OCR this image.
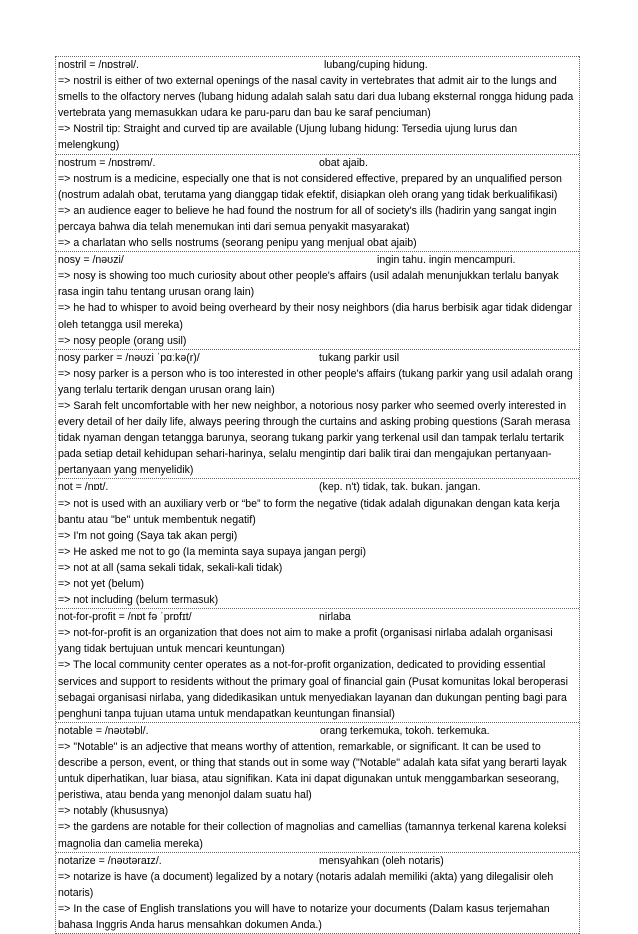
nostril = /nɒstrəl/.	lubang/cuping hidung.
=> nostril is either of two external openings of the nasal cavity in vertebrates that admit air to the lungs and smells to the olfactory nerves (lubang hidung adalah salah satu dari dua lubang eksternal rongga hidung pada vertebrata yang memasukkan udara ke paru-paru dan bau ke saraf penciuman)
=> Nostril tip: Straight and curved tip are available (Ujung lubang hidung: Tersedia ujung lurus dan melengkung)
nostrum = /nɒstrəm/.	obat ajaib.
=> nostrum is a medicine, especially one that is not considered effective, prepared by an unqualified person (nostrum adalah obat, terutama yang dianggap tidak efektif, disiapkan oleh orang yang tidak berkualifikasi)
=> an audience eager to believe he had found the nostrum for all of society's ills (hadirin yang sangat ingin percaya bahwa dia telah menemukan inti dari semua penyakit masyarakat)
=> a charlatan who sells nostrums (seorang penipu yang menjual obat ajaib)
nosy = /nəʊzi/	ingin tahu. ingin mencampuri.
=> nosy is showing too much curiosity about other people's affairs (usil adalah menunjukkan terlalu banyak rasa ingin tahu tentang urusan orang lain)
=> he had to whisper to avoid being overheard by their nosy neighbors (dia harus berbisik agar tidak didengar oleh tetangga usil mereka)
=> nosy people (orang usil)
nosy parker = /nəʊzi ˈpɑːkə(r)/	tukang parkir usil
=> nosy parker is a person who is too interested in other people's affairs (tukang parkir yang usil adalah orang yang terlalu tertarik dengan urusan orang lain)
=> Sarah felt uncomfortable with her new neighbor, a notorious nosy parker who seemed overly interested in every detail of her daily life, always peering through the curtains and asking probing questions (Sarah merasa tidak nyaman dengan tetangga barunya, seorang tukang parkir yang terkenal usil dan tampak terlalu tertarik pada setiap detail kehidupan sehari-harinya, selalu mengintip dari balik tirai dan mengajukan pertanyaan-pertanyaan yang menyelidik)
not = /nɒt/.	(kep. n't) tidak, tak. bukan. jangan.
=> not is used with an auxiliary verb or “be” to form the negative (tidak adalah digunakan dengan kata kerja bantu atau "be" untuk membentuk negatif)
=> I'm not going (Saya tak akan pergi)
=> He asked me not to go (Ia meminta saya supaya jangan pergi)
=> not at all (sama sekali tidak, sekali-kali tidak)
=> not yet (belum)
=> not including (belum termasuk)
not-for-profit = /nɒt fə ˈprɒfɪt/	nirlaba
=> not-for-profit is an organization that does not aim to make a profit (organisasi nirlaba adalah organisasi yang tidak bertujuan untuk mencari keuntungan)
=> The local community center operates as a not-for-profit organization, dedicated to providing essential services and support to residents without the primary goal of financial gain (Pusat komunitas lokal beroperasi sebagai organisasi nirlaba, yang didedikasikan untuk menyediakan layanan dan dukungan penting bagi para penghuni tanpa tujuan utama untuk mendapatkan keuntungan finansial)
notable = /nəʊtəbl/.	orang terkemuka, tokoh. terkemuka.
=> "Notable" is an adjective that means worthy of attention, remarkable, or significant. It can be used to describe a person, event, or thing that stands out in some way ("Notable" adalah kata sifat yang berarti layak untuk diperhatikan, luar biasa, atau signifikan. Kata ini dapat digunakan untuk menggambarkan seseorang, peristiwa, atau benda yang menonjol dalam suatu hal)
=> notably (khususnya)
=> the gardens are notable for their collection of magnolias and camellias (tamannya terkenal karena koleksi magnolia dan camelia mereka)
notarize = /nəʊtəraɪz/.	mensyahkan (oleh notaris)
=> notarize is have (a document) legalized by a notary (notaris adalah memiliki (akta) yang dilegalisir oleh notaris)
=> In the case of English translations you will have to notarize your documents (Dalam kasus terjemahan bahasa Inggris Anda harus mensahkan dokumen Anda.)
